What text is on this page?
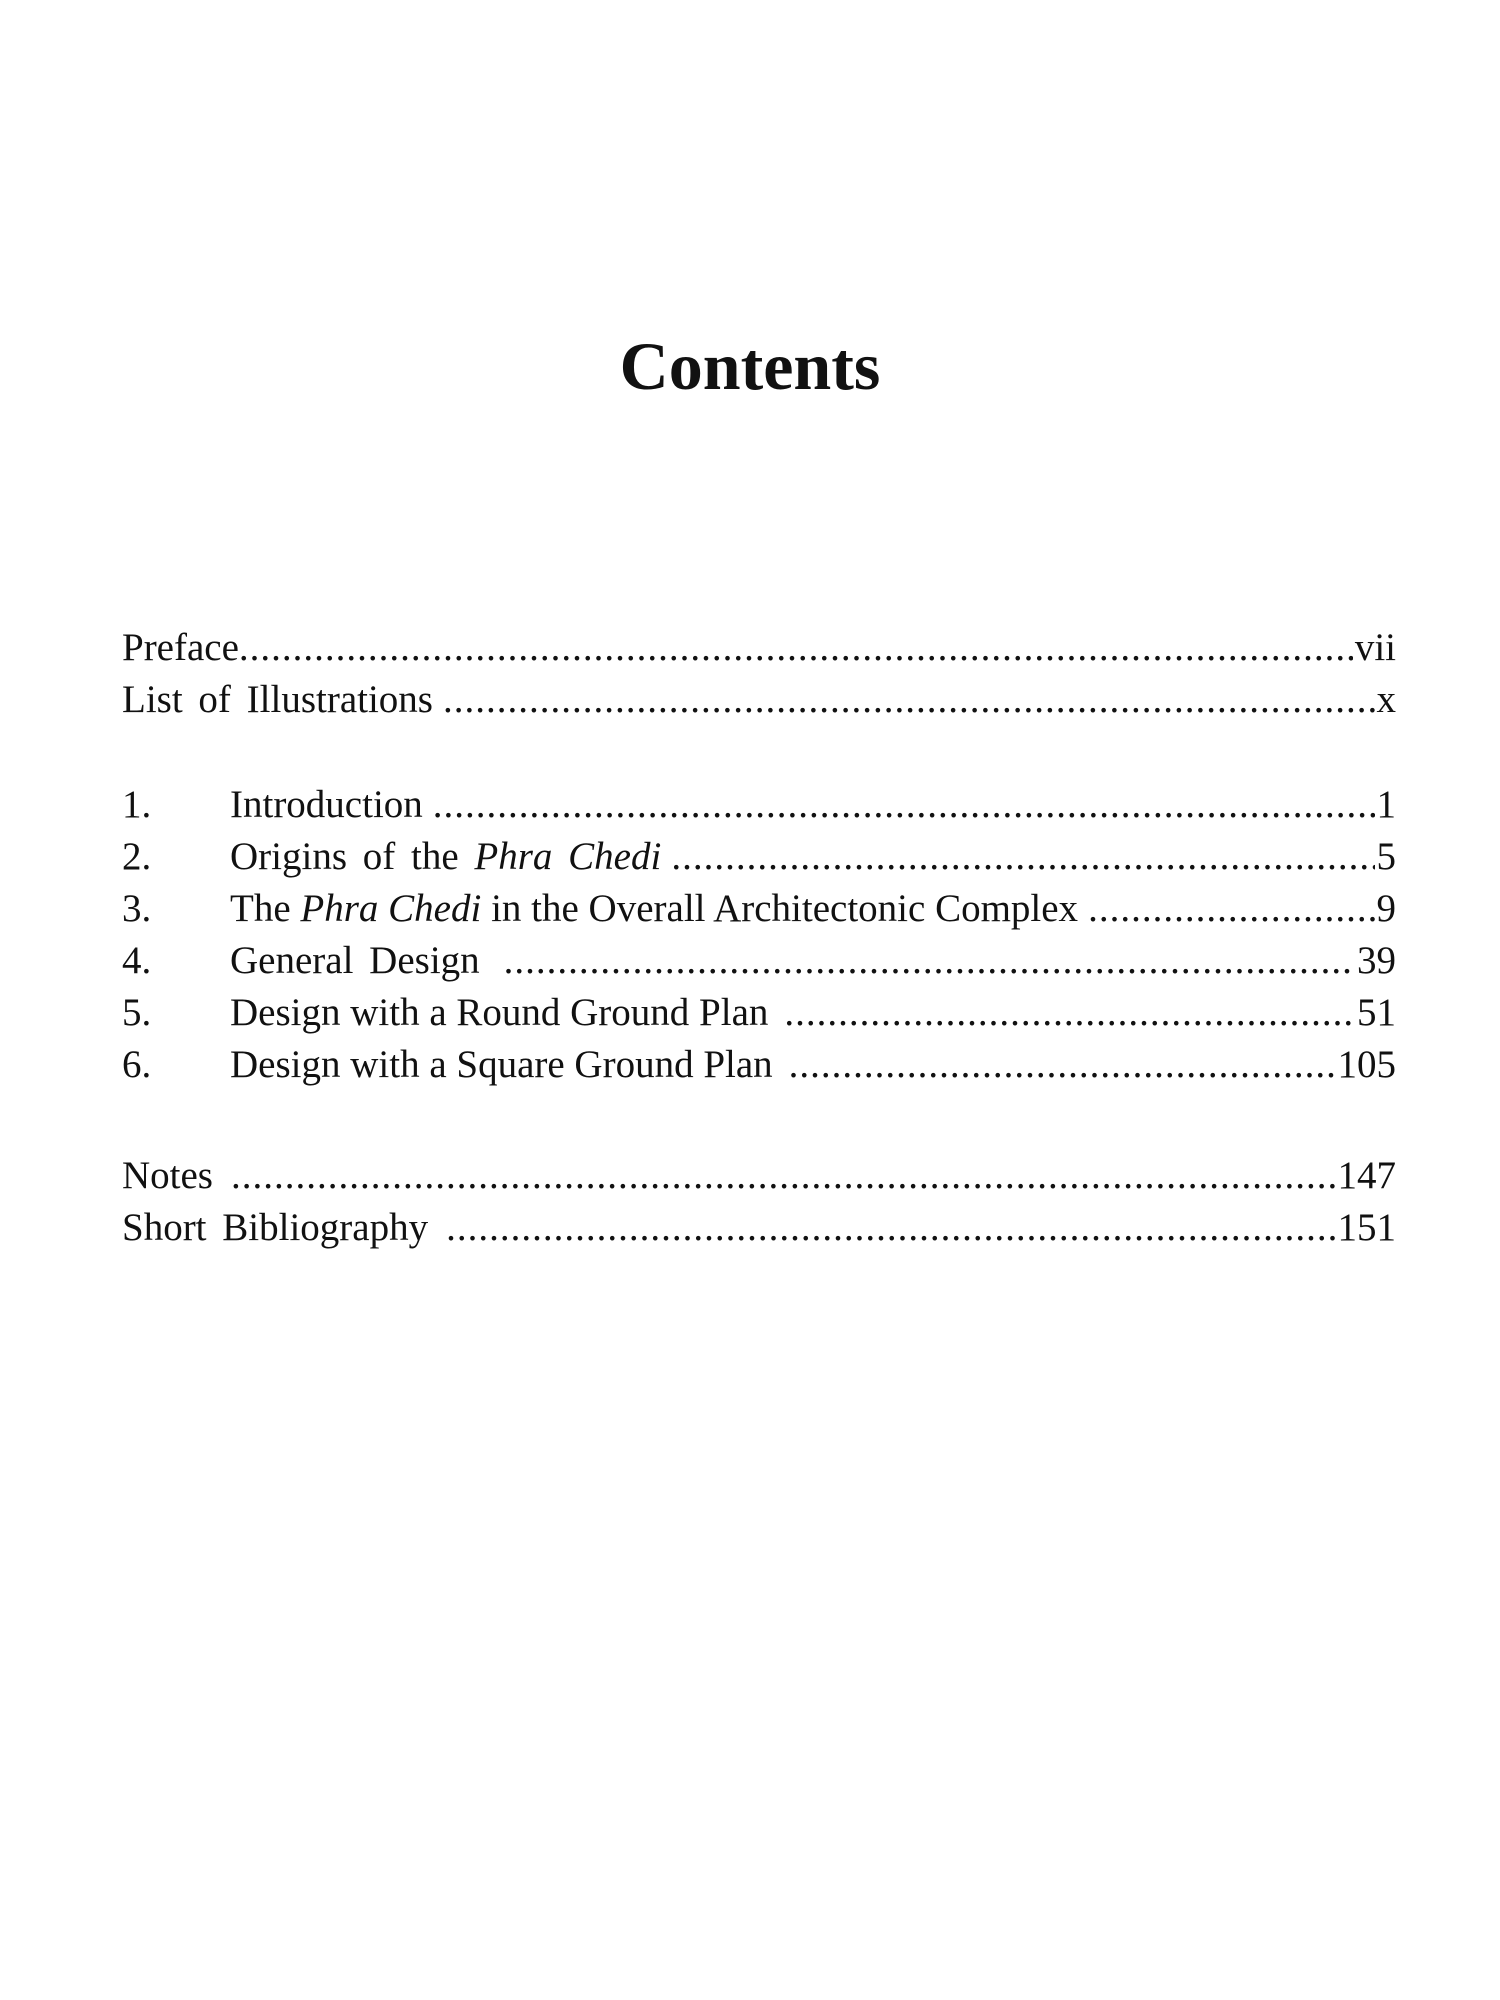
Contents
Preface .....	vii
List of Illustrations .....	x
1.	Introduction .....	1
2.	Origins of the Phra Chedi .....	5
3.	The Phra Chedi in the Overall Architectonic Complex .....	9
4.	General Design .....	39
5.	Design with a Round Ground Plan .....	51
6.	Design with a Square Ground Plan .....	105
Notes .....	147
Short Bibliography .....	151
